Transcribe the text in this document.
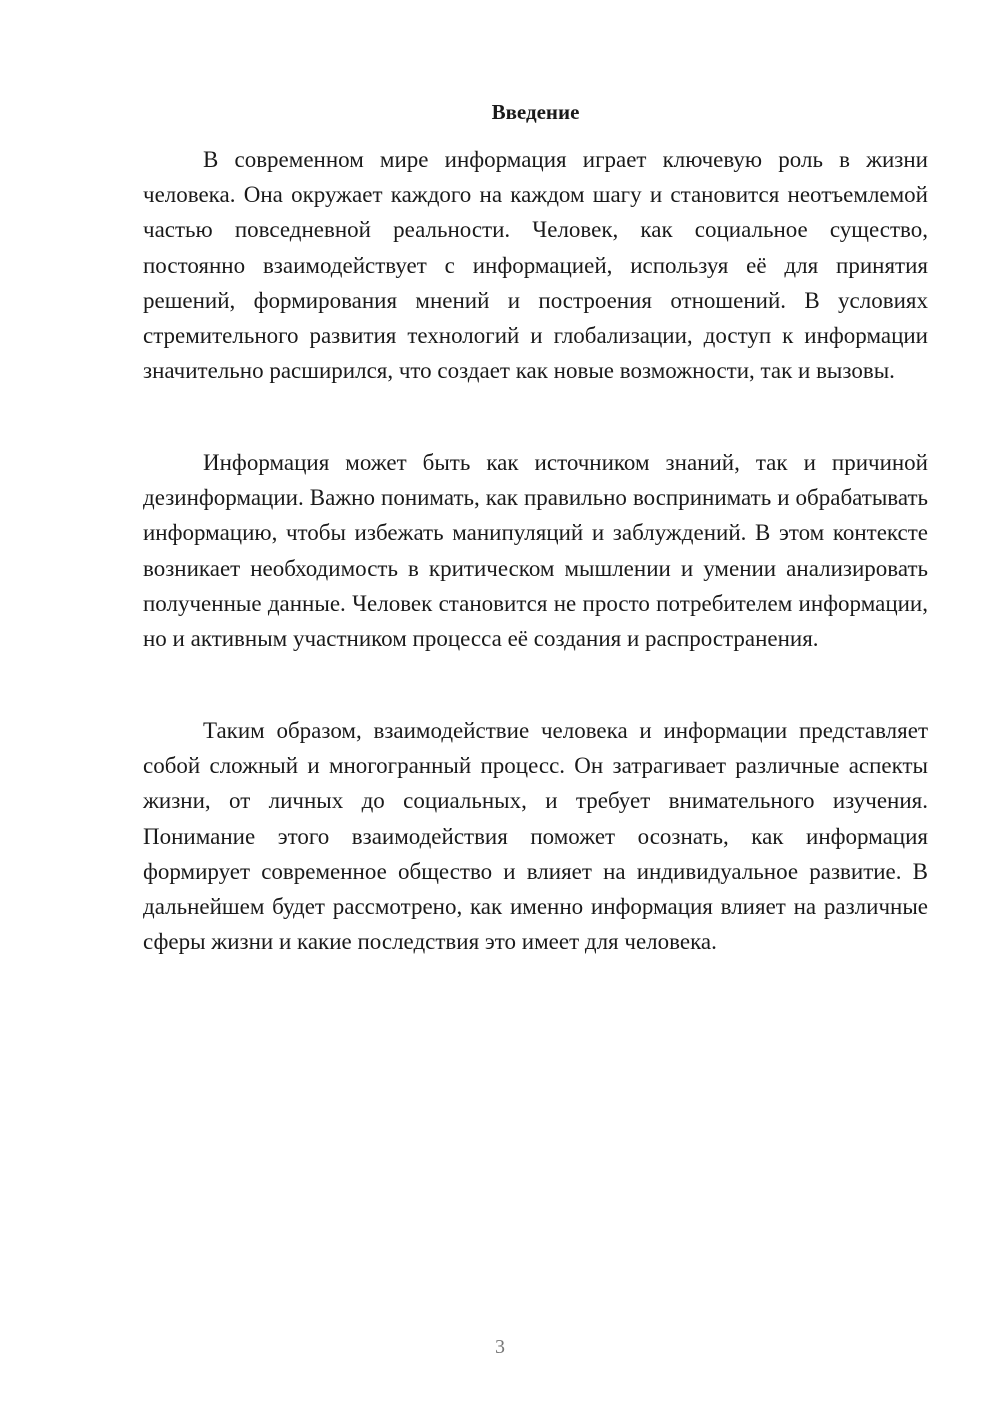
Введение

В современном мире информация играет ключевую роль в жизни человека. Она окружает каждого на каждом шагу и становится неотъемлемой частью повседневной реальности. Человек, как социальное существо, постоянно взаимодействует с информацией, используя её для принятия решений, формирования мнений и построения отношений. В условиях стремительного развития технологий и глобализации, доступ к информации значительно расширился, что создает как новые возможности, так и вызовы.

Информация может быть как источником знаний, так и причиной дезинформации. Важно понимать, как правильно воспринимать и обрабатывать информацию, чтобы избежать манипуляций и заблуждений. В этом контексте возникает необходимость в критическом мышлении и умении анализировать полученные данные. Человек становится не просто потребителем информации, но и активным участником процесса её создания и распространения.

Таким образом, взаимодействие человека и информации представляет собой сложный и многогранный процесс. Он затрагивает различные аспекты жизни, от личных до социальных, и требует внимательного изучения. Понимание этого взаимодействия поможет осознать, как информация формирует современное общество и влияет на индивидуальное развитие. В дальнейшем будет рассмотрено, как именно информация влияет на различные сферы жизни и какие последствия это имеет для человека.

3
